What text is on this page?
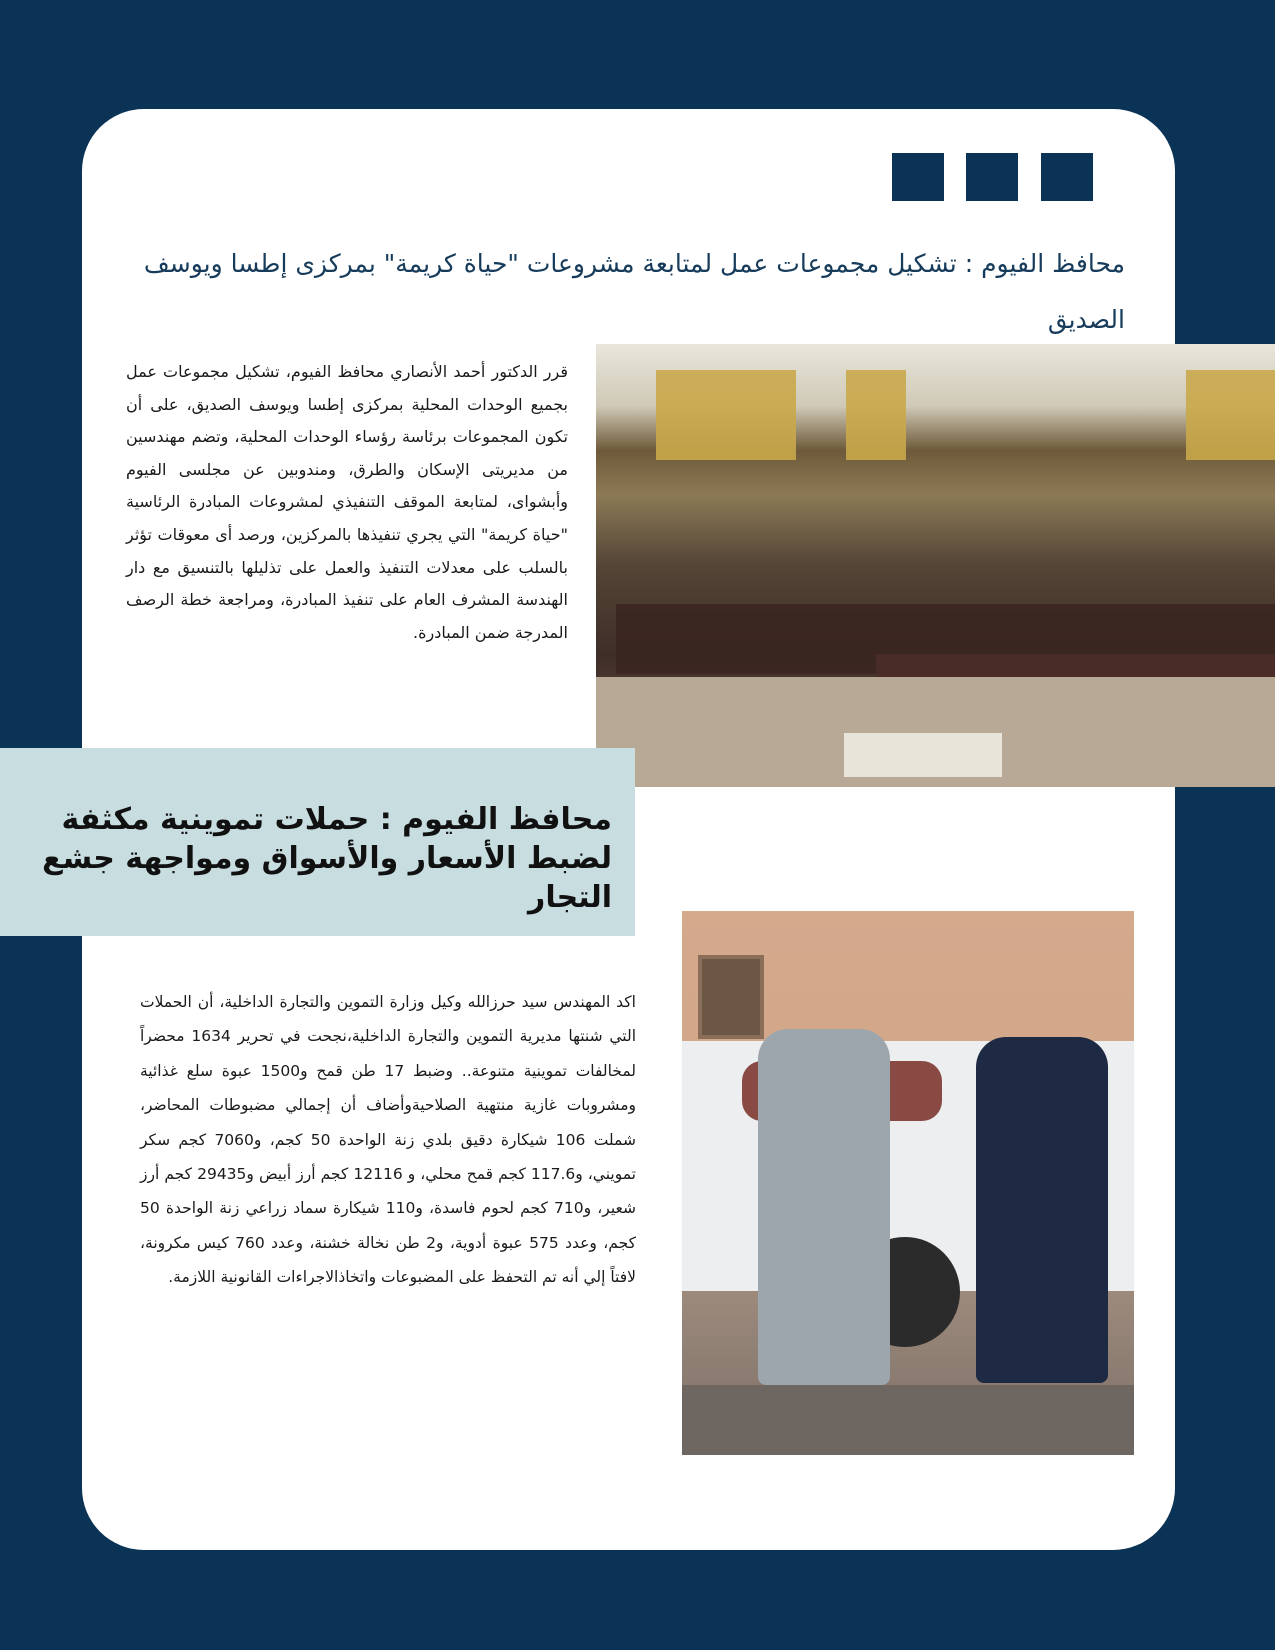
محافظ الفيوم : تشكيل مجموعات عمل لمتابعة مشروعات "حياة كريمة" بمركزى إطسا ويوسف الصديق

قرر الدكتور أحمد الأنصاري محافظ الفيوم، تشكيل مجموعات عمل بجميع الوحدات المحلية بمركزى إطسا ويوسف الصديق، على أن تكون المجموعات برئاسة رؤساء الوحدات المحلية، وتضم مهندسين من مديريتى الإسكان والطرق، ومندوبين عن مجلسى الفيوم وأبشواى، لمتابعة الموقف التنفيذي لمشروعات المبادرة الرئاسية "حياة كريمة" التي يجري تنفيذها بالمركزين، ورصد أى معوقات تؤثر بالسلب على معدلات التنفيذ والعمل على تذليلها بالتنسيق مع دار الهندسة المشرف العام على تنفيذ المبادرة، ومراجعة خطة الرصف المدرجة ضمن المبادرة.

محافظ الفيوم : حملات تموينية مكثفة لضبط الأسعار والأسواق ومواجهة جشع التجار

اكد المهندس سيد حرزالله وكيل وزارة التموين والتجارة الداخلية، أن الحملات التي شنتها مديرية التموين والتجارة الداخلية،نجحت في تحرير 1634 محضراً لمخالفات تموينية متنوعة.. وضبط 17 طن قمح و1500 عبوة سلع غذائية ومشروبات غازية منتهية الصلاحيةوأضاف أن إجمالي مضبوطات المحاضر، شملت 106 شيكارة دقيق بلدي زنة الواحدة 50 كجم، و7060 كجم سكر تمويني، و117.6 كجم قمح محلي، و 12116 كجم أرز أبيض و29435 كجم أرز شعير، و710 كجم لحوم فاسدة، و110 شيكارة سماد زراعي زنة الواحدة 50 كجم، وعدد 575 عبوة أدوية، و2 طن نخالة خشنة، وعدد 760 كيس مكرونة، لافتاً إلي أنه تم التحفظ على المضبوعات واتخاذالاجراءات القانونية اللازمة.
